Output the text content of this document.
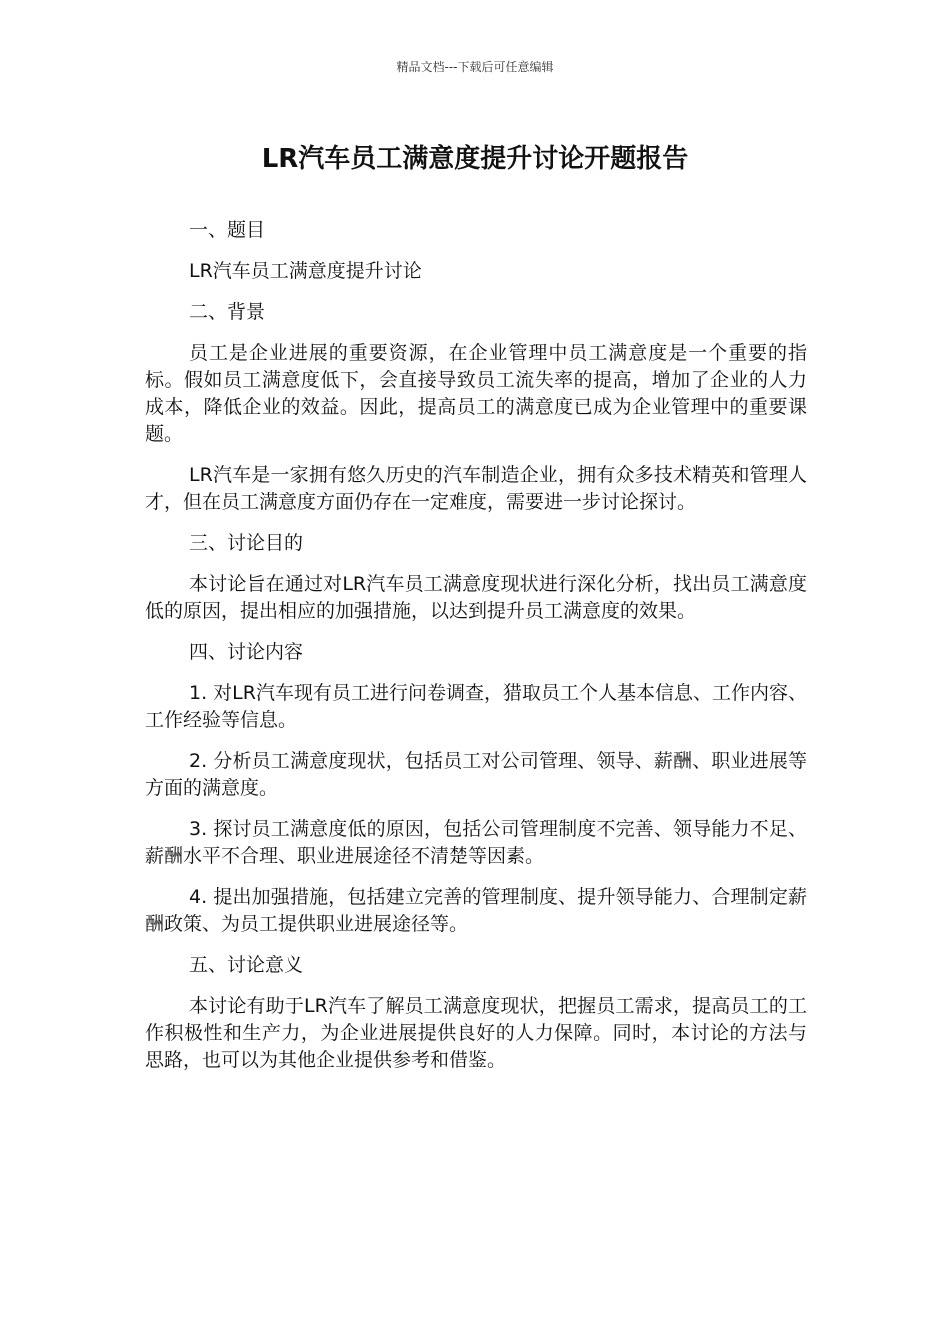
精品文档---下载后可任意编辑
LR汽车员工满意度提升讨论开题报告

一、题目

LR汽车员工满意度提升讨论

二、背景

员工是企业进展的重要资源，在企业管理中员工满意度是一个重要的指标。假如员工满意度低下，会直接导致员工流失率的提高，增加了企业的人力成本，降低企业的效益。因此，提高员工的满意度已成为企业管理中的重要课题。

LR汽车是一家拥有悠久历史的汽车制造企业，拥有众多技术精英和管理人才，但在员工满意度方面仍存在一定难度，需要进一步讨论探讨。

三、讨论目的

本讨论旨在通过对LR汽车员工满意度现状进行深化分析，找出员工满意度低的原因，提出相应的加强措施，以达到提升员工满意度的效果。

四、讨论内容

1. 对LR汽车现有员工进行问卷调查，猎取员工个人基本信息、工作内容、工作经验等信息。

2. 分析员工满意度现状，包括员工对公司管理、领导、薪酬、职业进展等方面的满意度。

3. 探讨员工满意度低的原因，包括公司管理制度不完善、领导能力不足、薪酬水平不合理、职业进展途径不清楚等因素。

4. 提出加强措施，包括建立完善的管理制度、提升领导能力、合理制定薪酬政策、为员工提供职业进展途径等。

五、讨论意义

本讨论有助于LR汽车了解员工满意度现状，把握员工需求，提高员工的工作积极性和生产力，为企业进展提供良好的人力保障。同时，本讨论的方法与思路，也可以为其他企业提供参考和借鉴。
